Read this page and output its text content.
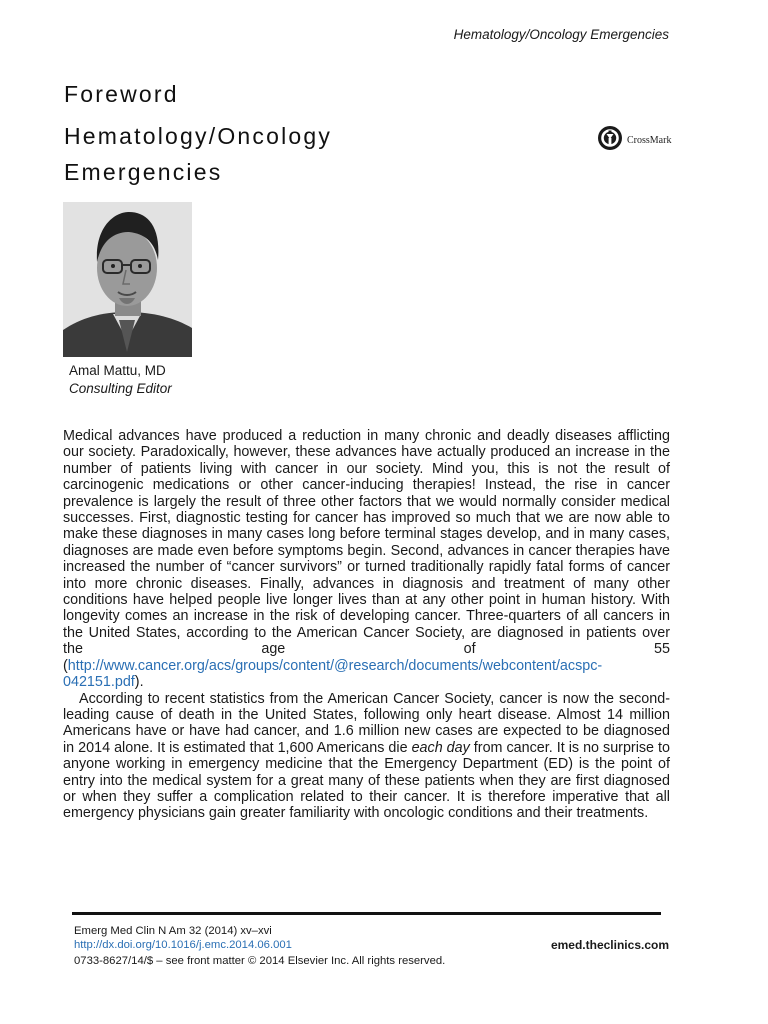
Hematology/Oncology Emergencies
Foreword
Hematology/Oncology Emergencies
CrossMark
Amal Mattu, MD
Consulting Editor

Medical advances have produced a reduction in many chronic and deadly diseases afflicting our society. Paradoxically, however, these advances have actually produced an increase in the number of patients living with cancer in our society. Mind you, this is not the result of carcinogenic medications or other cancer-inducing therapies! Instead, the rise in cancer prevalence is largely the result of three other factors that we would normally consider medical successes. First, diagnostic testing for cancer has improved so much that we are now able to make these diagnoses in many cases long before terminal stages develop, and in many cases, diagnoses are made even before symptoms begin. Second, advances in cancer therapies have increased the number of “cancer survivors” or turned traditionally rapidly fatal forms of cancer into more chronic diseases. Finally, advances in diagnosis and treatment of many other conditions have helped people live longer lives than at any other point in human history. With longevity comes an increase in the risk of developing cancer. Three-quarters of all cancers in the United States, according to the American Cancer Society, are diagnosed in patients over the age of 55 (http://www.cancer.org/acs/groups/content/@research/documents/webcontent/acspc-042151.pdf).

According to recent statistics from the American Cancer Society, cancer is now the second-leading cause of death in the United States, following only heart disease. Almost 14 million Americans have or have had cancer, and 1.6 million new cases are expected to be diagnosed in 2014 alone. It is estimated that 1,600 Americans die each day from cancer. It is no surprise to anyone working in emergency medicine that the Emergency Department (ED) is the point of entry into the medical system for a great many of these patients when they are first diagnosed or when they suffer a complication related to their cancer. It is therefore imperative that all emergency physicians gain greater familiarity with oncologic conditions and their treatments.

Emerg Med Clin N Am 32 (2014) xv–xvi
http://dx.doi.org/10.1016/j.emc.2014.06.001
0733-8627/14/$ – see front matter © 2014 Elsevier Inc. All rights reserved.
emed.theclinics.com
